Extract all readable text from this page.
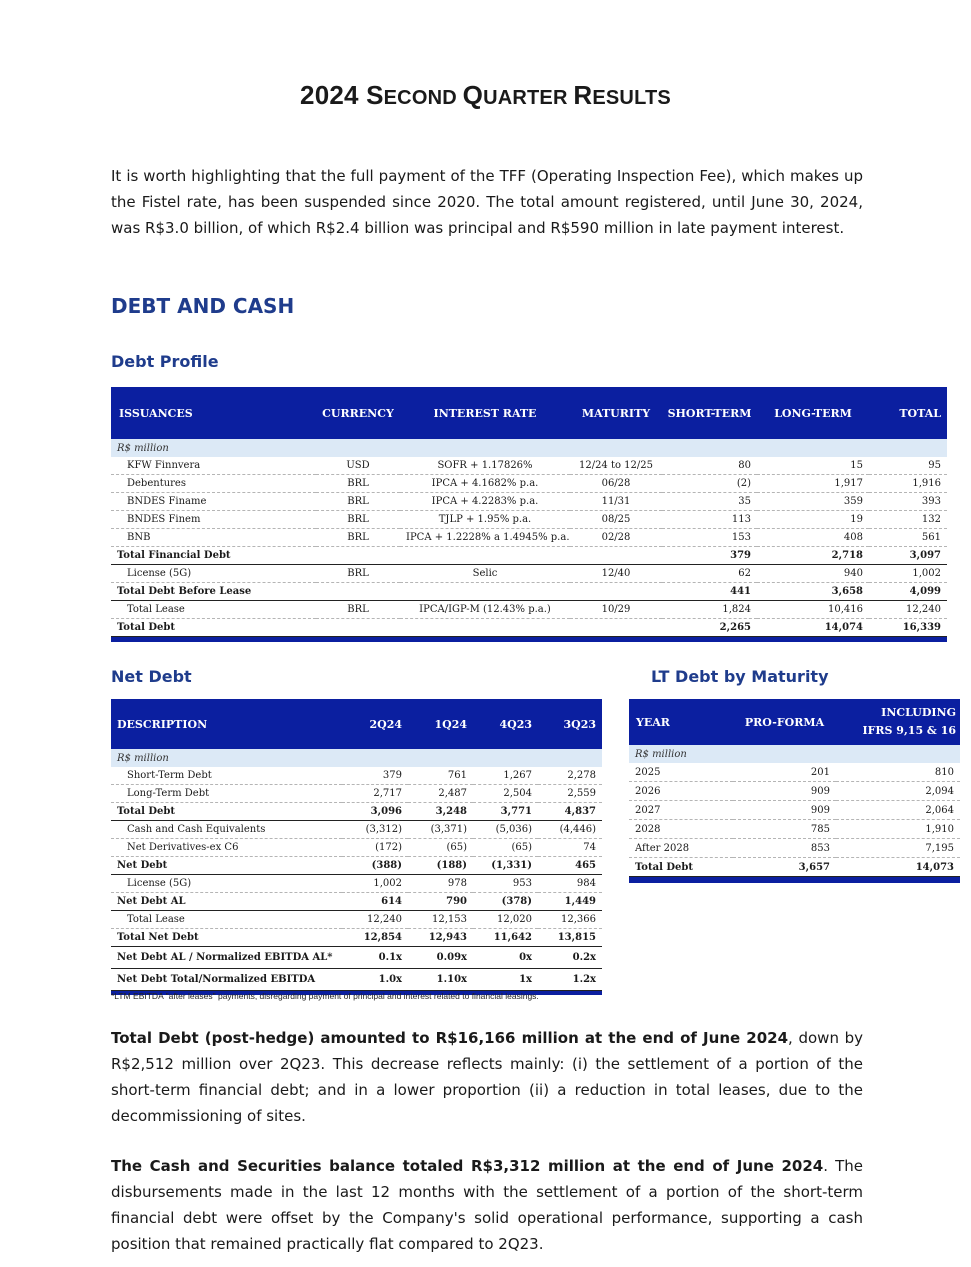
2024 SECOND QUARTER RESULTS
It is worth highlighting that the full payment of the TFF (Operating Inspection Fee), which makes up the Fistel rate, has been suspended since 2020. The total amount registered, until June 30, 2024, was R$3.0 billion, of which R$2.4 billion was principal and R$590 million in late payment interest.
DEBT AND CASH
Debt Profile
ISSUANCES	CURRENCY	INTEREST RATE	MATURITY	SHORT-TERM	LONG-TERM	TOTAL
R$ million						
KFW Finnvera	USD	SOFR + 1.17826%	12/24 to 12/25	80	15	95
Debentures	BRL	IPCA + 4.1682% p.a.	06/28	(2)	1,917	1,916
BNDES Finame	BRL	IPCA + 4.2283% p.a.	11/31	35	359	393
BNDES Finem	BRL	TJLP + 1.95% p.a.	08/25	113	19	132
BNB	BRL	IPCA + 1.2228% a 1.4945% p.a.	02/28	153	408	561
Total Financial Debt				379	2,718	3,097
License (5G)	BRL	Selic	12/40	62	940	1,002
Total Debt Before Lease				441	3,658	4,099
Total Lease	BRL	IPCA/IGP-M (12.43% p.a.)	10/29	1,824	10,416	12,240
Total Debt				2,265	14,074	16,339
Net Debt	LT Debt by Maturity
DESCRIPTION	2Q24	1Q24	4Q23	3Q23
R$ million				
Short-Term Debt	379	761	1,267	2,278
Long-Term Debt	2,717	2,487	2,504	2,559
Total Debt	3,096	3,248	3,771	4,837
Cash and Cash Equivalents	(3,312)	(3,371)	(5,036)	(4,446)
Net Derivatives-ex C6	(172)	(65)	(65)	74
Net Debt	(388)	(188)	(1,331)	465
License (5G)	1,002	978	953	984
Net Debt AL	614	790	(378)	1,449
Total Lease	12,240	12,153	12,020	12,366
Total Net Debt	12,854	12,943	11,642	13,815
Net Debt AL / Normalized EBITDA AL*	0.1x	0.09x	0x	0.2x
Net Debt Total/Normalized EBITDA	1.0x	1.10x	1x	1.2x
*LTM EBITDA "after leases" payments, disregarding payment of principal and interest related to financial leasings.
YEAR	PRO-FORMA	INCLUDING
IFRS 9,15 & 16
R$ million		
2025	201	810
2026	909	2,094
2027	909	2,064
2028	785	1,910
After 2028	853	7,195
Total Debt	3,657	14,073
Total Debt (post-hedge) amounted to R$16,166 million at the end of June 2024, down by R$2,512 million over 2Q23. This decrease reflects mainly: (i) the settlement of a portion of the short-term financial debt; and in a lower proportion (ii) a reduction in total leases, due to the decommissioning of sites.
The Cash and Securities balance totaled R$3,312 million at the end of June 2024. The disbursements made in the last 12 months with the settlement of a portion of the short-term financial debt were offset by the Company's solid operational performance, supporting a cash position that remained practically flat compared to 2Q23.
